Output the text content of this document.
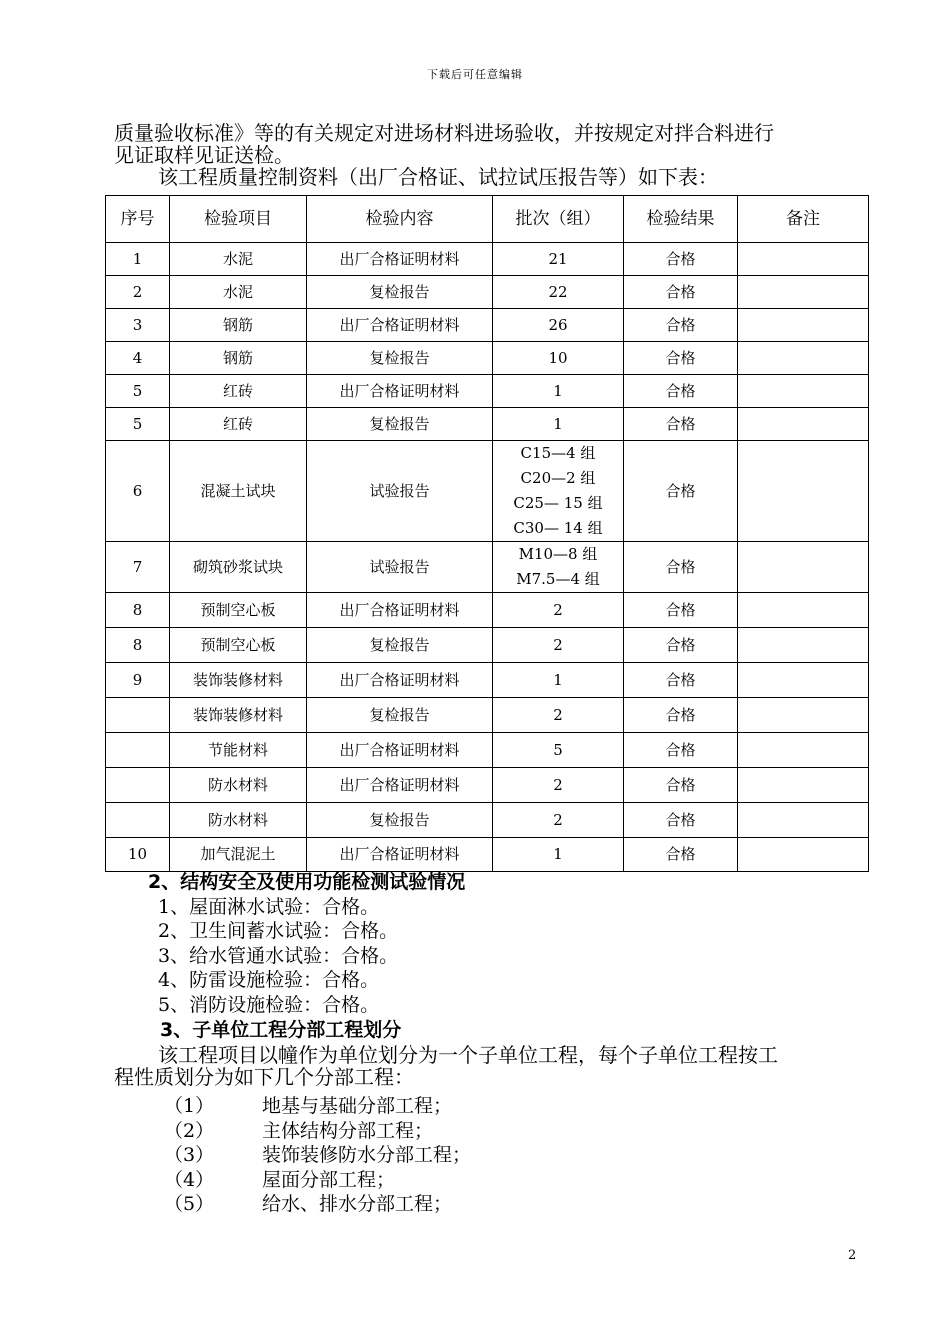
下载后可任意编辑
质量验收标准》等的有关规定对进场材料进场验收，并按规定对拌合料进行
见证取样见证送检。
该工程质量控制资料（出厂合格证、试拉试压报告等）如下表：
序号	检验项目	检验内容	批次（组）	检验结果	备注
1	水泥	出厂合格证明材料	21	合格	
2	水泥	复检报告	22	合格	
3	钢筋	出厂合格证明材料	26	合格	
4	钢筋	复检报告	10	合格	
5	红砖	出厂合格证明材料	1	合格	
5	红砖	复检报告	1	合格	
6	混凝土试块	试验报告	C15—4 组
C20—2 组
C25— 15 组
C30— 14 组	合格	
7	砌筑砂浆试块	试验报告	M10—8 组
M7.5—4 组	合格	
8	预制空心板	出厂合格证明材料	2	合格	
8	预制空心板	复检报告	2	合格	
9	装饰装修材料	出厂合格证明材料	1	合格	
	装饰装修材料	复检报告	2	合格	
	节能材料	出厂合格证明材料	5	合格	
	防水材料	出厂合格证明材料	2	合格	
	防水材料	复检报告	2	合格	
10	加气混泥土	出厂合格证明材料	1	合格	
2、结构安全及使用功能检测试验情况
1、屋面淋水试验：合格。
2、卫生间蓄水试验：合格。
3、给水管通水试验：合格。
4、防雷设施检验：合格。
5、消防设施检验：合格。
3、子单位工程分部工程划分
该工程项目以幢作为单位划分为一个子单位工程，每个子单位工程按工
程性质划分为如下几个分部工程：
（1）	地基与基础分部工程；
（2）	主体结构分部工程；
（3）	装饰装修防水分部工程；
（4）	屋面分部工程；
（5）	给水、排水分部工程；
2
